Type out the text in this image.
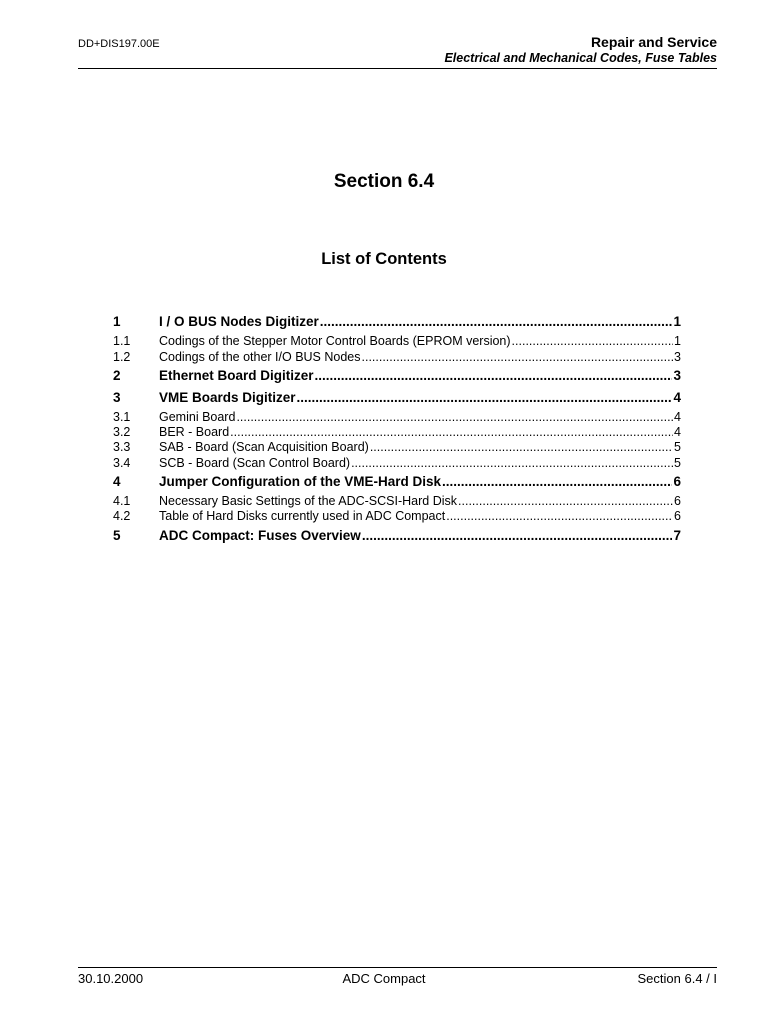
DD+DIS197.00E	Repair and Service
Electrical and Mechanical Codes, Fuse Tables
Section 6.4
List of Contents
1	I / O BUS Nodes Digitizer .....	1
1.1	Codings of the Stepper Motor Control Boards (EPROM version) .....	1
1.2	Codings of the other I/O BUS Nodes .....	3
2	Ethernet Board Digitizer .....	3
3	VME Boards Digitizer .....	4
3.1	Gemini Board .....	4
3.2	BER - Board .....	4
3.3	SAB - Board (Scan Acquisition Board) .....	5
3.4	SCB - Board (Scan Control Board) .....	5
4	Jumper Configuration of the VME-Hard Disk .....	6
4.1	Necessary Basic Settings of the ADC-SCSI-Hard Disk .....	6
4.2	Table of Hard Disks currently used in ADC Compact .....	6
5	ADC Compact: Fuses Overview .....	7
30.10.2000	ADC Compact	Section 6.4 / I
